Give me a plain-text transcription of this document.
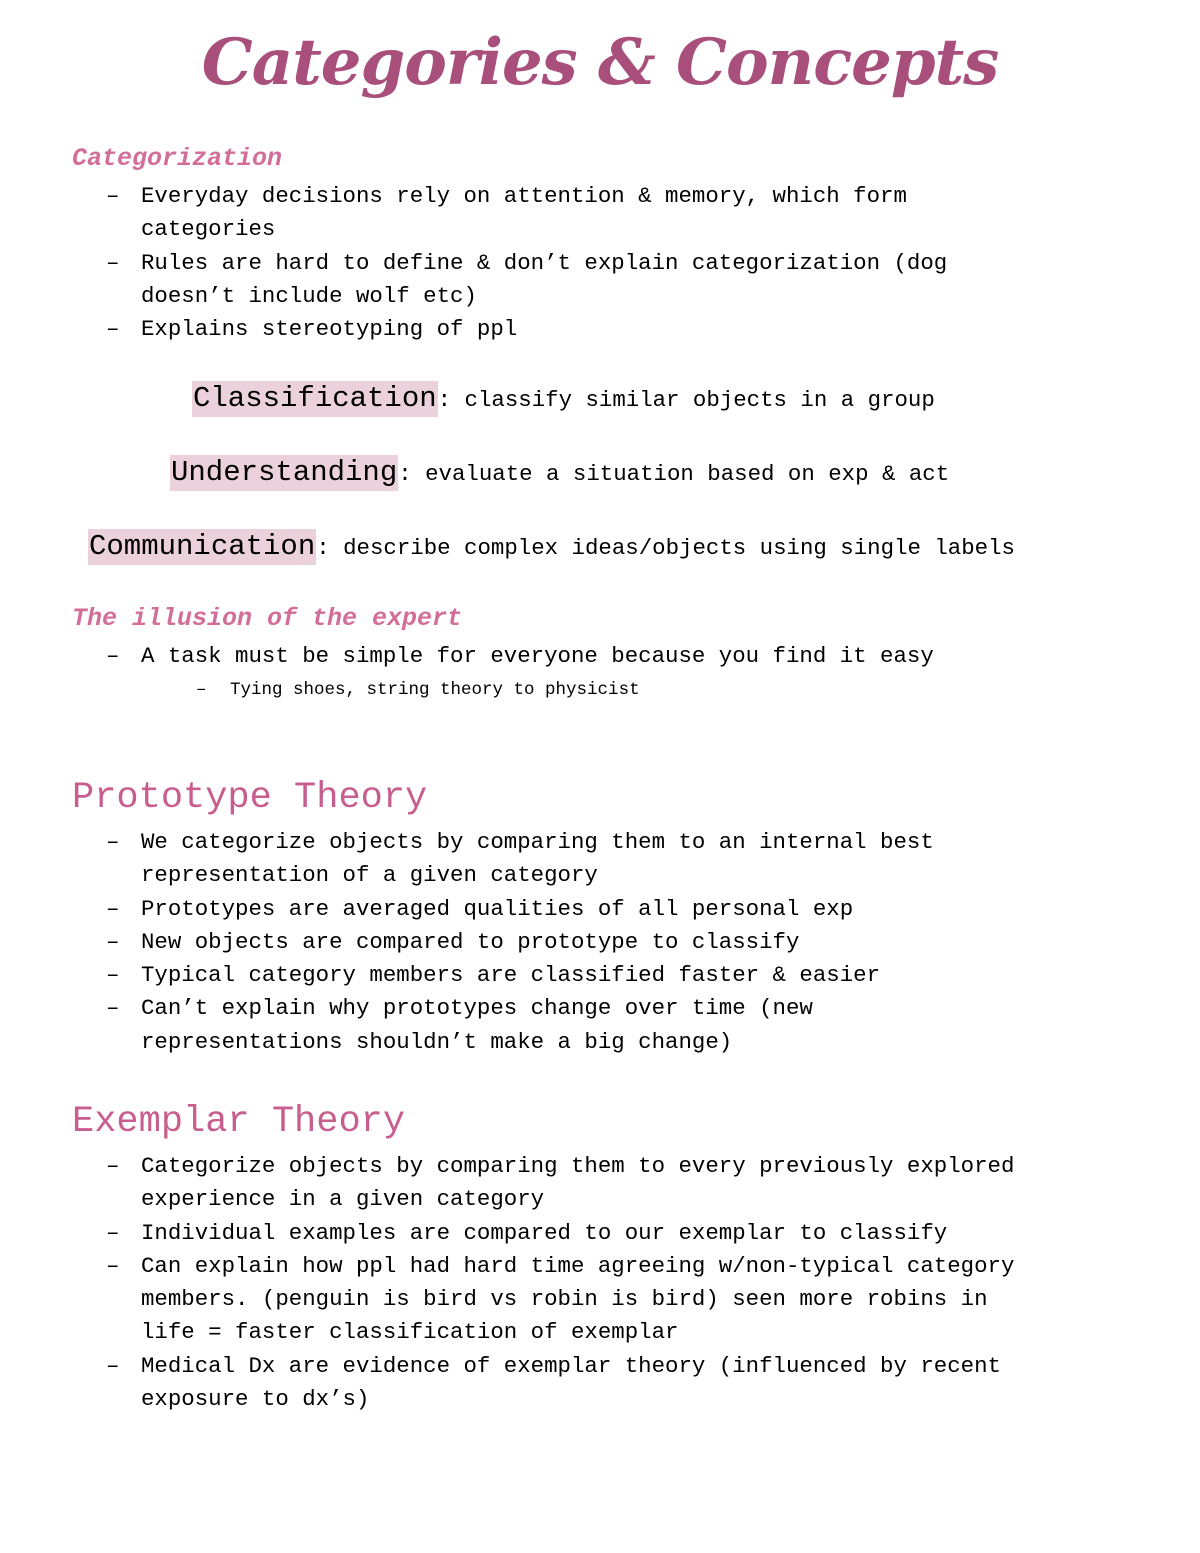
Categories & Concepts
Categorization
– Everyday decisions rely on attention & memory, which form
categories
– Rules are hard to define & don’t explain categorization (dog
doesn’t include wolf etc)
– Explains stereotyping of ppl
Classification: classify similar objects in a group
Understanding: evaluate a situation based on exp & act
Communication: describe complex ideas/objects using single labels
The illusion of the expert
– A task must be simple for everyone because you find it easy
– Tying shoes, string theory to physicist
Prototype Theory
– We categorize objects by comparing them to an internal best
representation of a given category
– Prototypes are averaged qualities of all personal exp
– New objects are compared to prototype to classify
– Typical category members are classified faster & easier
– Can’t explain why prototypes change over time (new
representations shouldn’t make a big change)
Exemplar Theory
– Categorize objects by comparing them to every previously explored
experience in a given category
– Individual examples are compared to our exemplar to classify
– Can explain how ppl had hard time agreeing w/non-typical category
members. (penguin is bird vs robin is bird) seen more robins in
life = faster classification of exemplar
– Medical Dx are evidence of exemplar theory (influenced by recent
exposure to dx’s)
